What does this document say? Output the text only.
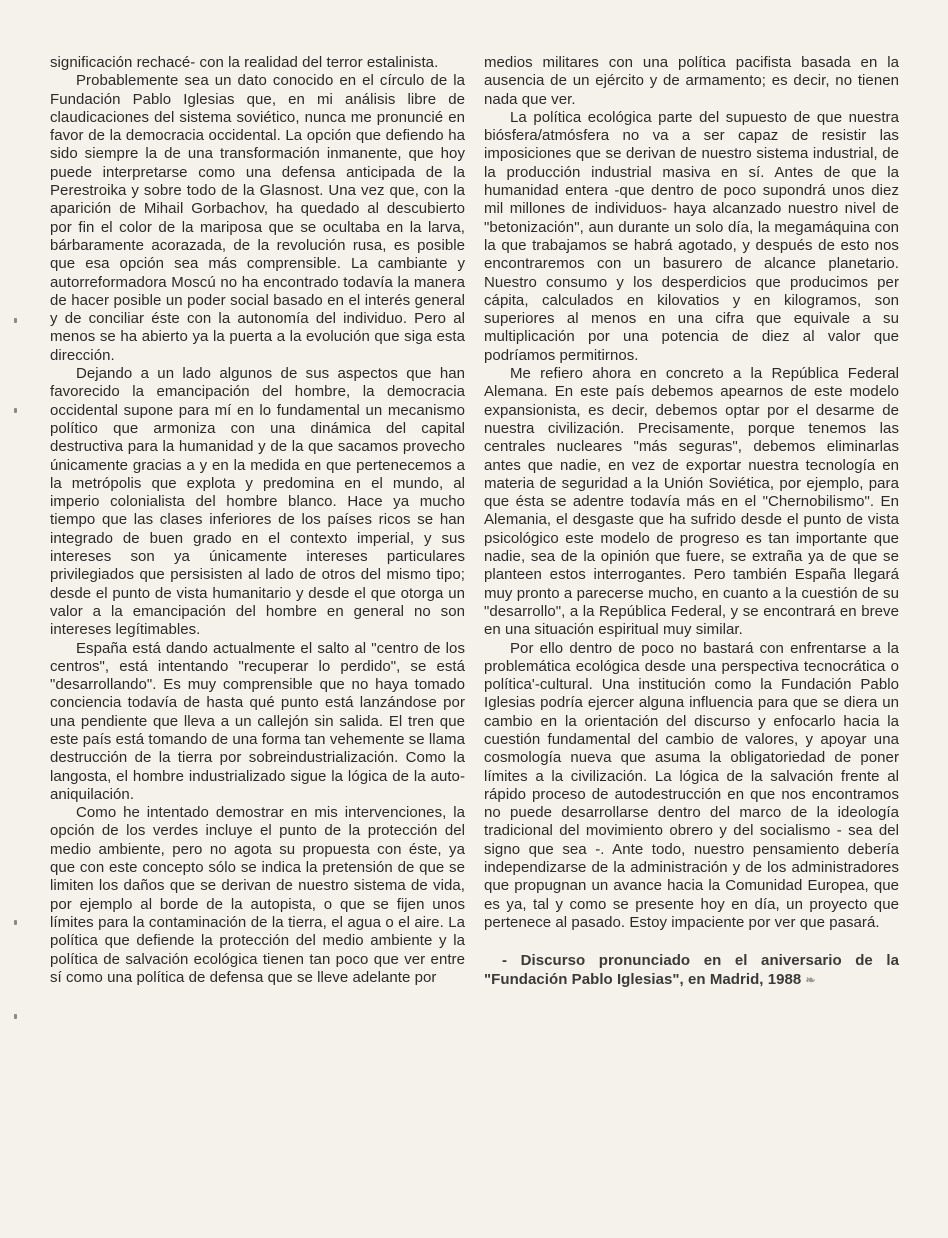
significación rechacé- con la realidad del terror estalinista.

Probablemente sea un dato conocido en el círculo de la Fundación Pablo Iglesias que, en mi análisis libre de claudicaciones del sistema soviético, nunca me pronuncié en favor de la democracia occidental. La opción que defiendo ha sido siempre la de una transformación inmanente, que hoy puede interpretarse como una defensa anticipada de la Perestroika y sobre todo de la Glasnost. Una vez que, con la aparición de Mihail Gorbachov, ha quedado al descubierto por fin el color de la mariposa que se ocultaba en la larva, bárbaramente acorazada, de la revolución rusa, es posible que esa opción sea más comprensible. La cambiante y autorreformadora Moscú no ha encontrado todavía la manera de hacer posible un poder social basado en el interés general y de conciliar éste con la autonomía del individuo. Pero al menos se ha abierto ya la puerta a la evolución que siga esta dirección.

Dejando a un lado algunos de sus aspectos que han favorecido la emancipación del hombre, la democracia occidental supone para mí en lo fundamental un mecanismo político que armoniza con una dinámica del capital destructiva para la humanidad y de la que sacamos provecho únicamente gracias a y en la medida en que pertenecemos a la metrópolis que explota y predomina en el mundo, al imperio colonialista del hombre blanco. Hace ya mucho tiempo que las clases inferiores de los países ricos se han integrado de buen grado en el contexto imperial, y sus intereses son ya únicamente intereses particulares privilegiados que persisisten al lado de otros del mismo tipo; desde el punto de vista humanitario y desde el que otorga un valor a la emancipación del hombre en general no son intereses legítimables.

España está dando actualmente el salto al "centro de los centros", está intentando "recuperar lo perdido", se está "desarrollando". Es muy comprensible que no haya tomado conciencia todavía de hasta qué punto está lanzándose por una pendiente que lleva a un callejón sin salida. El tren que este país está tomando de una forma tan vehemente se llama destrucción de la tierra por sobreindustrialización. Como la langosta, el hombre industrializado sigue la lógica de la auto-aniquilación.

Como he intentado demostrar en mis intervenciones, la opción de los verdes incluye el punto de la protección del medio ambiente, pero no agota su propuesta con éste, ya que con este concepto sólo se indica la pretensión de que se limiten los daños que se derivan de nuestro sistema de vida, por ejemplo al borde de la autopista, o que se fijen unos límites para la contaminación de la tierra, el agua o el aire. La política que defiende la protección del medio ambiente y la política de salvación ecológica tienen tan poco que ver entre sí como una política de defensa que se lleve adelante por

medios militares con una política pacifista basada en la ausencia de un ejército y de armamento; es decir, no tienen nada que ver.

La política ecológica parte del supuesto de que nuestra biósfera/atmósfera no va a ser capaz de resistir las imposiciones que se derivan de nuestro sistema industrial, de la producción industrial masiva en sí. Antes de que la humanidad entera -que dentro de poco supondrá unos diez mil millones de individuos- haya alcanzado nuestro nivel de "betonización", aun durante un solo día, la megamáquina con la que trabajamos se habrá agotado, y después de esto nos encontraremos con un basurero de alcance planetario. Nuestro consumo y los desperdicios que producimos per cápita, calculados en kilovatios y en kilogramos, son superiores al menos en una cifra que equivale a su multiplicación por una potencia de diez al valor que podríamos permitirnos.

Me refiero ahora en concreto a la República Federal Alemana. En este país debemos apearnos de este modelo expansionista, es decir, debemos optar por el desarme de nuestra civilización. Precisamente, porque tenemos las centrales nucleares "más seguras", debemos eliminarlas antes que nadie, en vez de exportar nuestra tecnología en materia de seguridad a la Unión Soviética, por ejemplo, para que ésta se adentre todavía más en el "Chernobilismo". En Alemania, el desgaste que ha sufrido desde el punto de vista psicológico este modelo de progreso es tan importante que nadie, sea de la opinión que fuere, se extraña ya de que se planteen estos interrogantes. Pero también España llegará muy pronto a parecerse mucho, en cuanto a la cuestión de su "desarrollo", a la República Federal, y se encontrará en breve en una situación espiritual muy similar.

Por ello dentro de poco no bastará con enfrentarse a la problemática ecológica desde una perspectiva tecnocrática o política'-cultural. Una institución como la Fundación Pablo Iglesias podría ejercer alguna influencia para que se diera un cambio en la orientación del discurso y enfocarlo hacia la cuestión fundamental del cambio de valores, y apoyar una cosmología nueva que asuma la obligatoriedad de poner límites a la civilización. La lógica de la salvación frente al rápido proceso de autodestrucción en que nos encontramos no puede desarrollarse dentro del marco de la ideología tradicional del movimiento obrero y del socialismo - sea del signo que sea -. Ante todo, nuestro pensamiento debería independizarse de la administración y de los administradores que propugnan un avance hacia la Comunidad Europea, que es ya, tal y como se presente hoy en día, un proyecto que pertenece al pasado. Estoy impaciente por ver que pasará.

- Discurso pronunciado en el aniversario de la "Fundación Pablo Iglesias", en Madrid, 1988 ❧
